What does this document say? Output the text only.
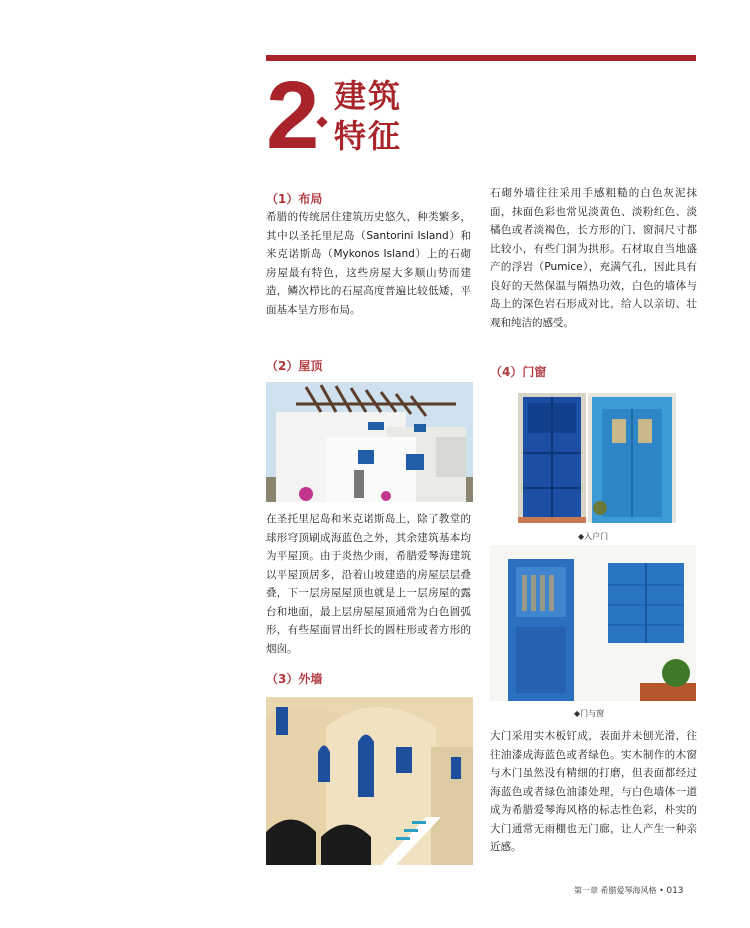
2 建筑
特征
（1）布局
希腊的传统居住建筑历史悠久，种类繁多，其中以圣托里尼岛（Santorini Island）和米克诺斯岛（Mykonos Island）上的石砌房屋最有特色，这些房屋大多顺山势而建造，鳞次栉比的石屋高度普遍比较低矮，平面基本呈方形布局。
（2）屋顶
在圣托里尼岛和米克诺斯岛上，除了教堂的球形穹顶刷成海蓝色之外，其余建筑基本均为平屋顶。由于炎热少雨，希腊爱琴海建筑以平屋顶居多，沿着山坡建造的房屋层层叠叠，下一层房屋屋顶也就是上一层房屋的露台和地面，最上层房屋屋顶通常为白色圆弧形，有些屋面冒出纤长的圆柱形或者方形的烟囱。
（3）外墙
石砌外墙往往采用手感粗糙的白色灰泥抹面，抹面色彩也常见淡黄色、淡粉红色、淡橘色或者淡褐色，长方形的门、窗洞尺寸都比较小，有些门洞为拱形。石材取自当地盛产的浮岩（Pumice），充满气孔，因此具有良好的天然保温与隔热功效，白色的墙体与岛上的深色岩石形成对比，给人以亲切、壮观和纯洁的感受。
（4）门窗
◆入户门
◆门与窗
大门采用实木板钉成，表面并未刨光滑，往往油漆成海蓝色或者绿色。实木制作的木窗与木门虽然没有精细的打磨，但表面都经过海蓝色或者绿色油漆处理，与白色墙体一道成为希腊爱琴海风格的标志性色彩，朴实的大门通常无雨棚也无门廊，让人产生一种亲近感。
第一章 希腊爱琴海风格 • 013
